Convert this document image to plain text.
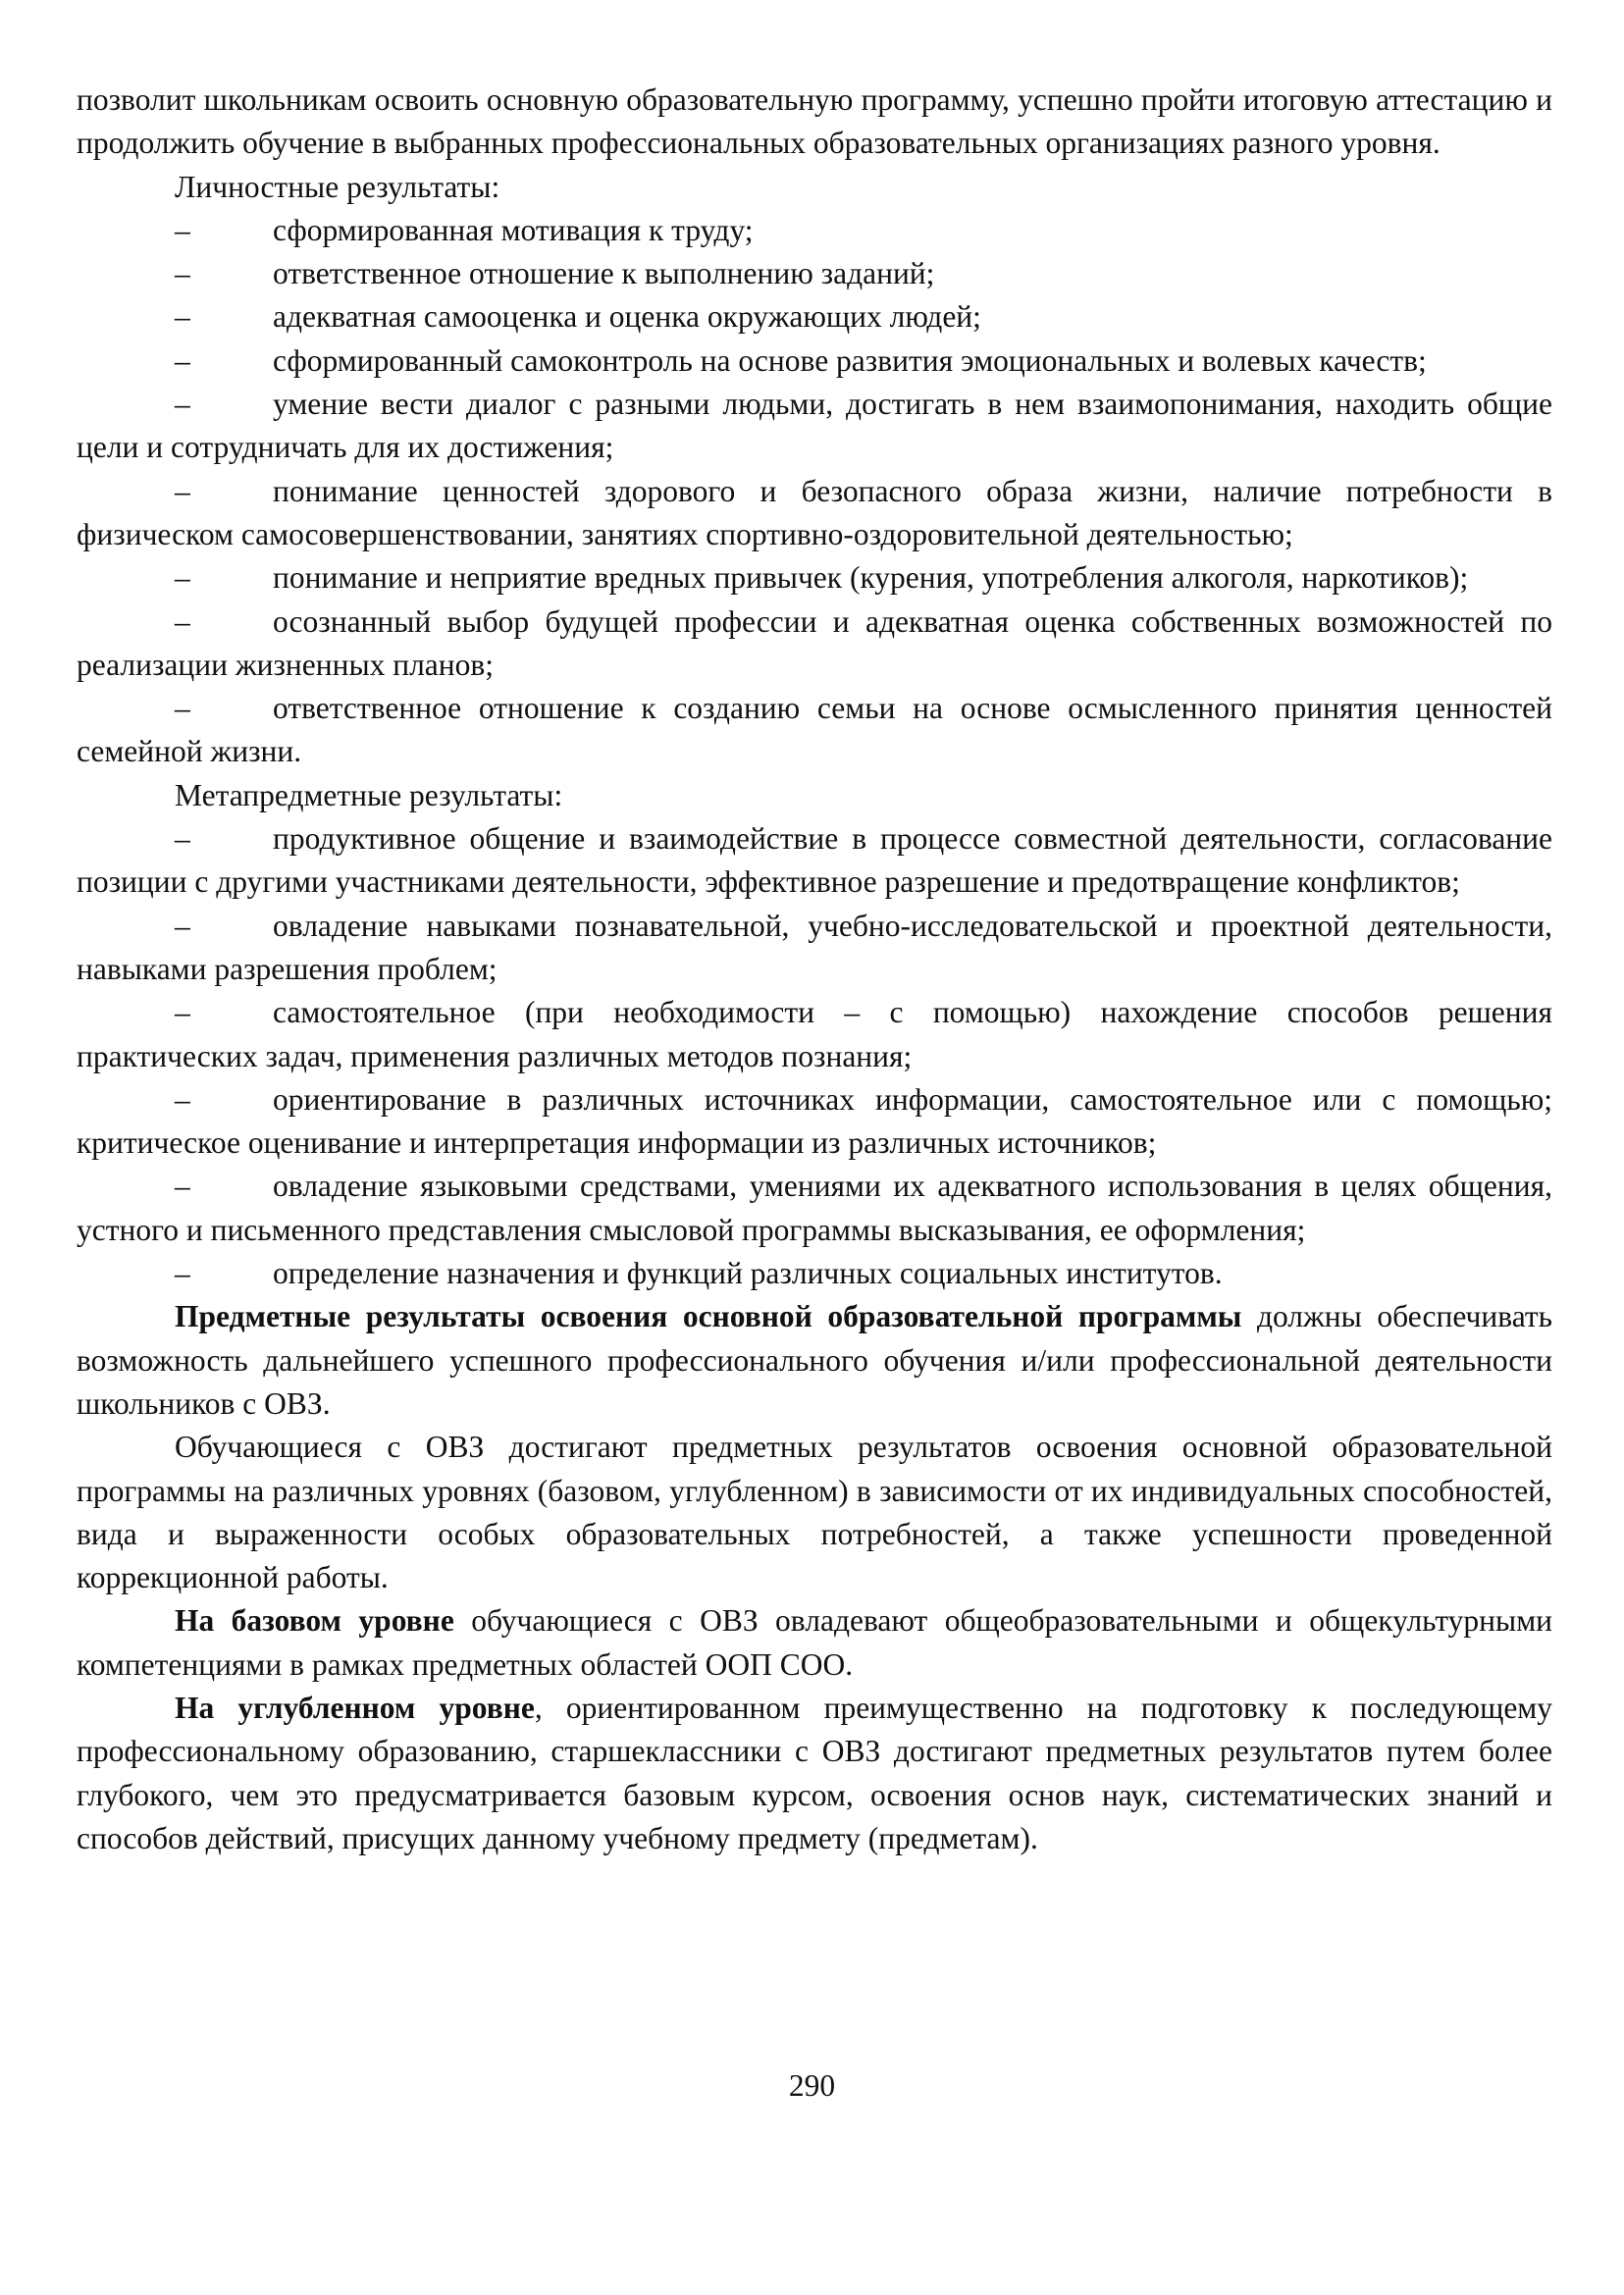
позволит школьникам освоить основную образовательную программу, успешно пройти итоговую аттестацию и продолжить обучение в выбранных профессиональных образовательных организациях разного уровня.

Личностные результаты:

–	сформированная мотивация к труду;

–	ответственное отношение к выполнению заданий;

–	адекватная самооценка и оценка окружающих людей;

–	сформированный самоконтроль на основе развития эмоциональных и волевых качеств;

–	умение вести диалог с разными людьми, достигать в нем взаимопонимания, находить общие цели и сотрудничать для их достижения;

–	понимание ценностей здорового и безопасного образа жизни, наличие потребности в физическом самосовершенствовании, занятиях спортивно-оздоровительной деятельностью;

–	понимание и неприятие вредных привычек (курения, употребления алкоголя, наркотиков);

–	осознанный выбор будущей профессии и адекватная оценка собственных возможностей по реализации жизненных планов;

–	ответственное отношение к созданию семьи на основе осмысленного принятия ценностей семейной жизни.

Метапредметные результаты:

–	продуктивное общение и взаимодействие в процессе совместной деятельности, согласование позиции с другими участниками деятельности, эффективное разрешение и предотвращение конфликтов;

–	овладение навыками познавательной, учебно-исследовательской и проектной деятельности, навыками разрешения проблем;

–	самостоятельное (при необходимости – с помощью) нахождение способов решения практических задач, применения различных методов познания;

–	ориентирование в различных источниках информации, самостоятельное или с помощью; критическое оценивание и интерпретация информации из различных источников;

–	овладение языковыми средствами, умениями их адекватного использования в целях общения, устного и письменного представления смысловой программы высказывания, ее оформления;

–	определение назначения и функций различных социальных институтов.

Предметные результаты освоения основной образовательной программы должны обеспечивать возможность дальнейшего успешного профессионального обучения и/или профессиональной деятельности школьников с ОВЗ.

Обучающиеся с ОВЗ достигают предметных результатов освоения основной образовательной программы на различных уровнях (базовом, углубленном) в зависимости от их индивидуальных способностей, вида и выраженности особых образовательных потребностей, а также успешности проведенной коррекционной работы.

На базовом уровне обучающиеся с ОВЗ овладевают общеобразовательными и общекультурными компетенциями в рамках предметных областей ООП СОО.

На углубленном уровне, ориентированном преимущественно на подготовку к последующему профессиональному образованию, старшеклассники с ОВЗ достигают предметных результатов путем более глубокого, чем это предусматривается базовым курсом, освоения основ наук, систематических знаний и способов действий, присущих данному учебному предмету (предметам).

290
